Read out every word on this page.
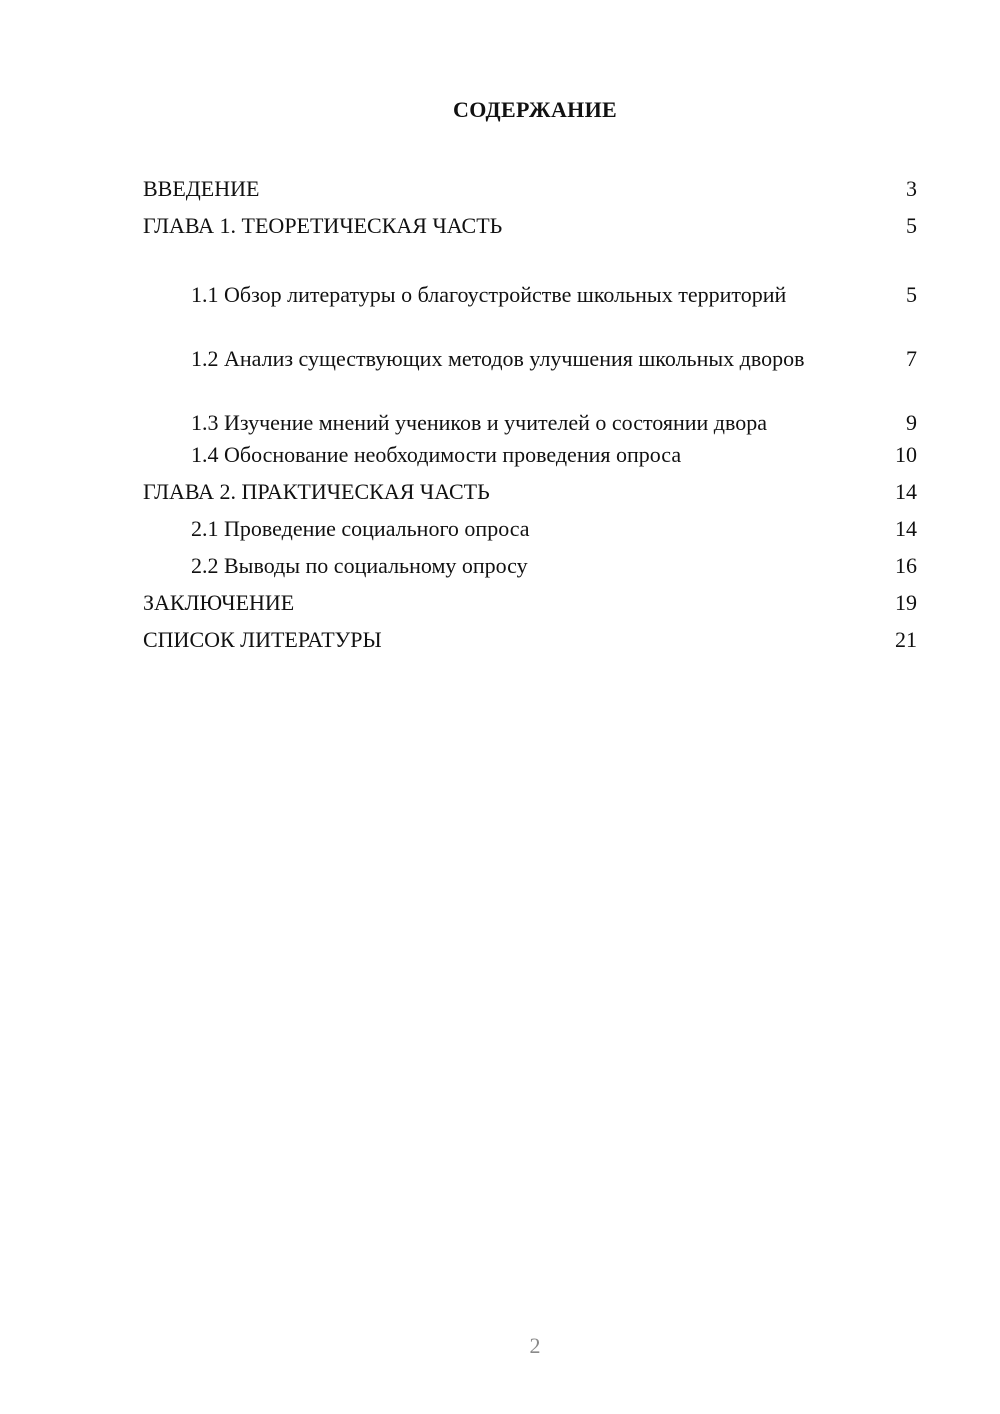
СОДЕРЖАНИЕ
ВВЕДЕНИЕ	3
ГЛАВА 1. ТЕОРЕТИЧЕСКАЯ ЧАСТЬ	5
1.1 Обзор литературы о благоустройстве школьных территорий	5
1.2 Анализ существующих методов улучшения школьных дворов	7
1.3 Изучение мнений учеников и учителей о состоянии двора	9
1.4 Обоснование необходимости проведения опроса	10
ГЛАВА 2. ПРАКТИЧЕСКАЯ ЧАСТЬ	14
2.1 Проведение социального опроса	14
2.2 Выводы по социальному опросу	16
ЗАКЛЮЧЕНИЕ	19
СПИСОК ЛИТЕРАТУРЫ	21
2
